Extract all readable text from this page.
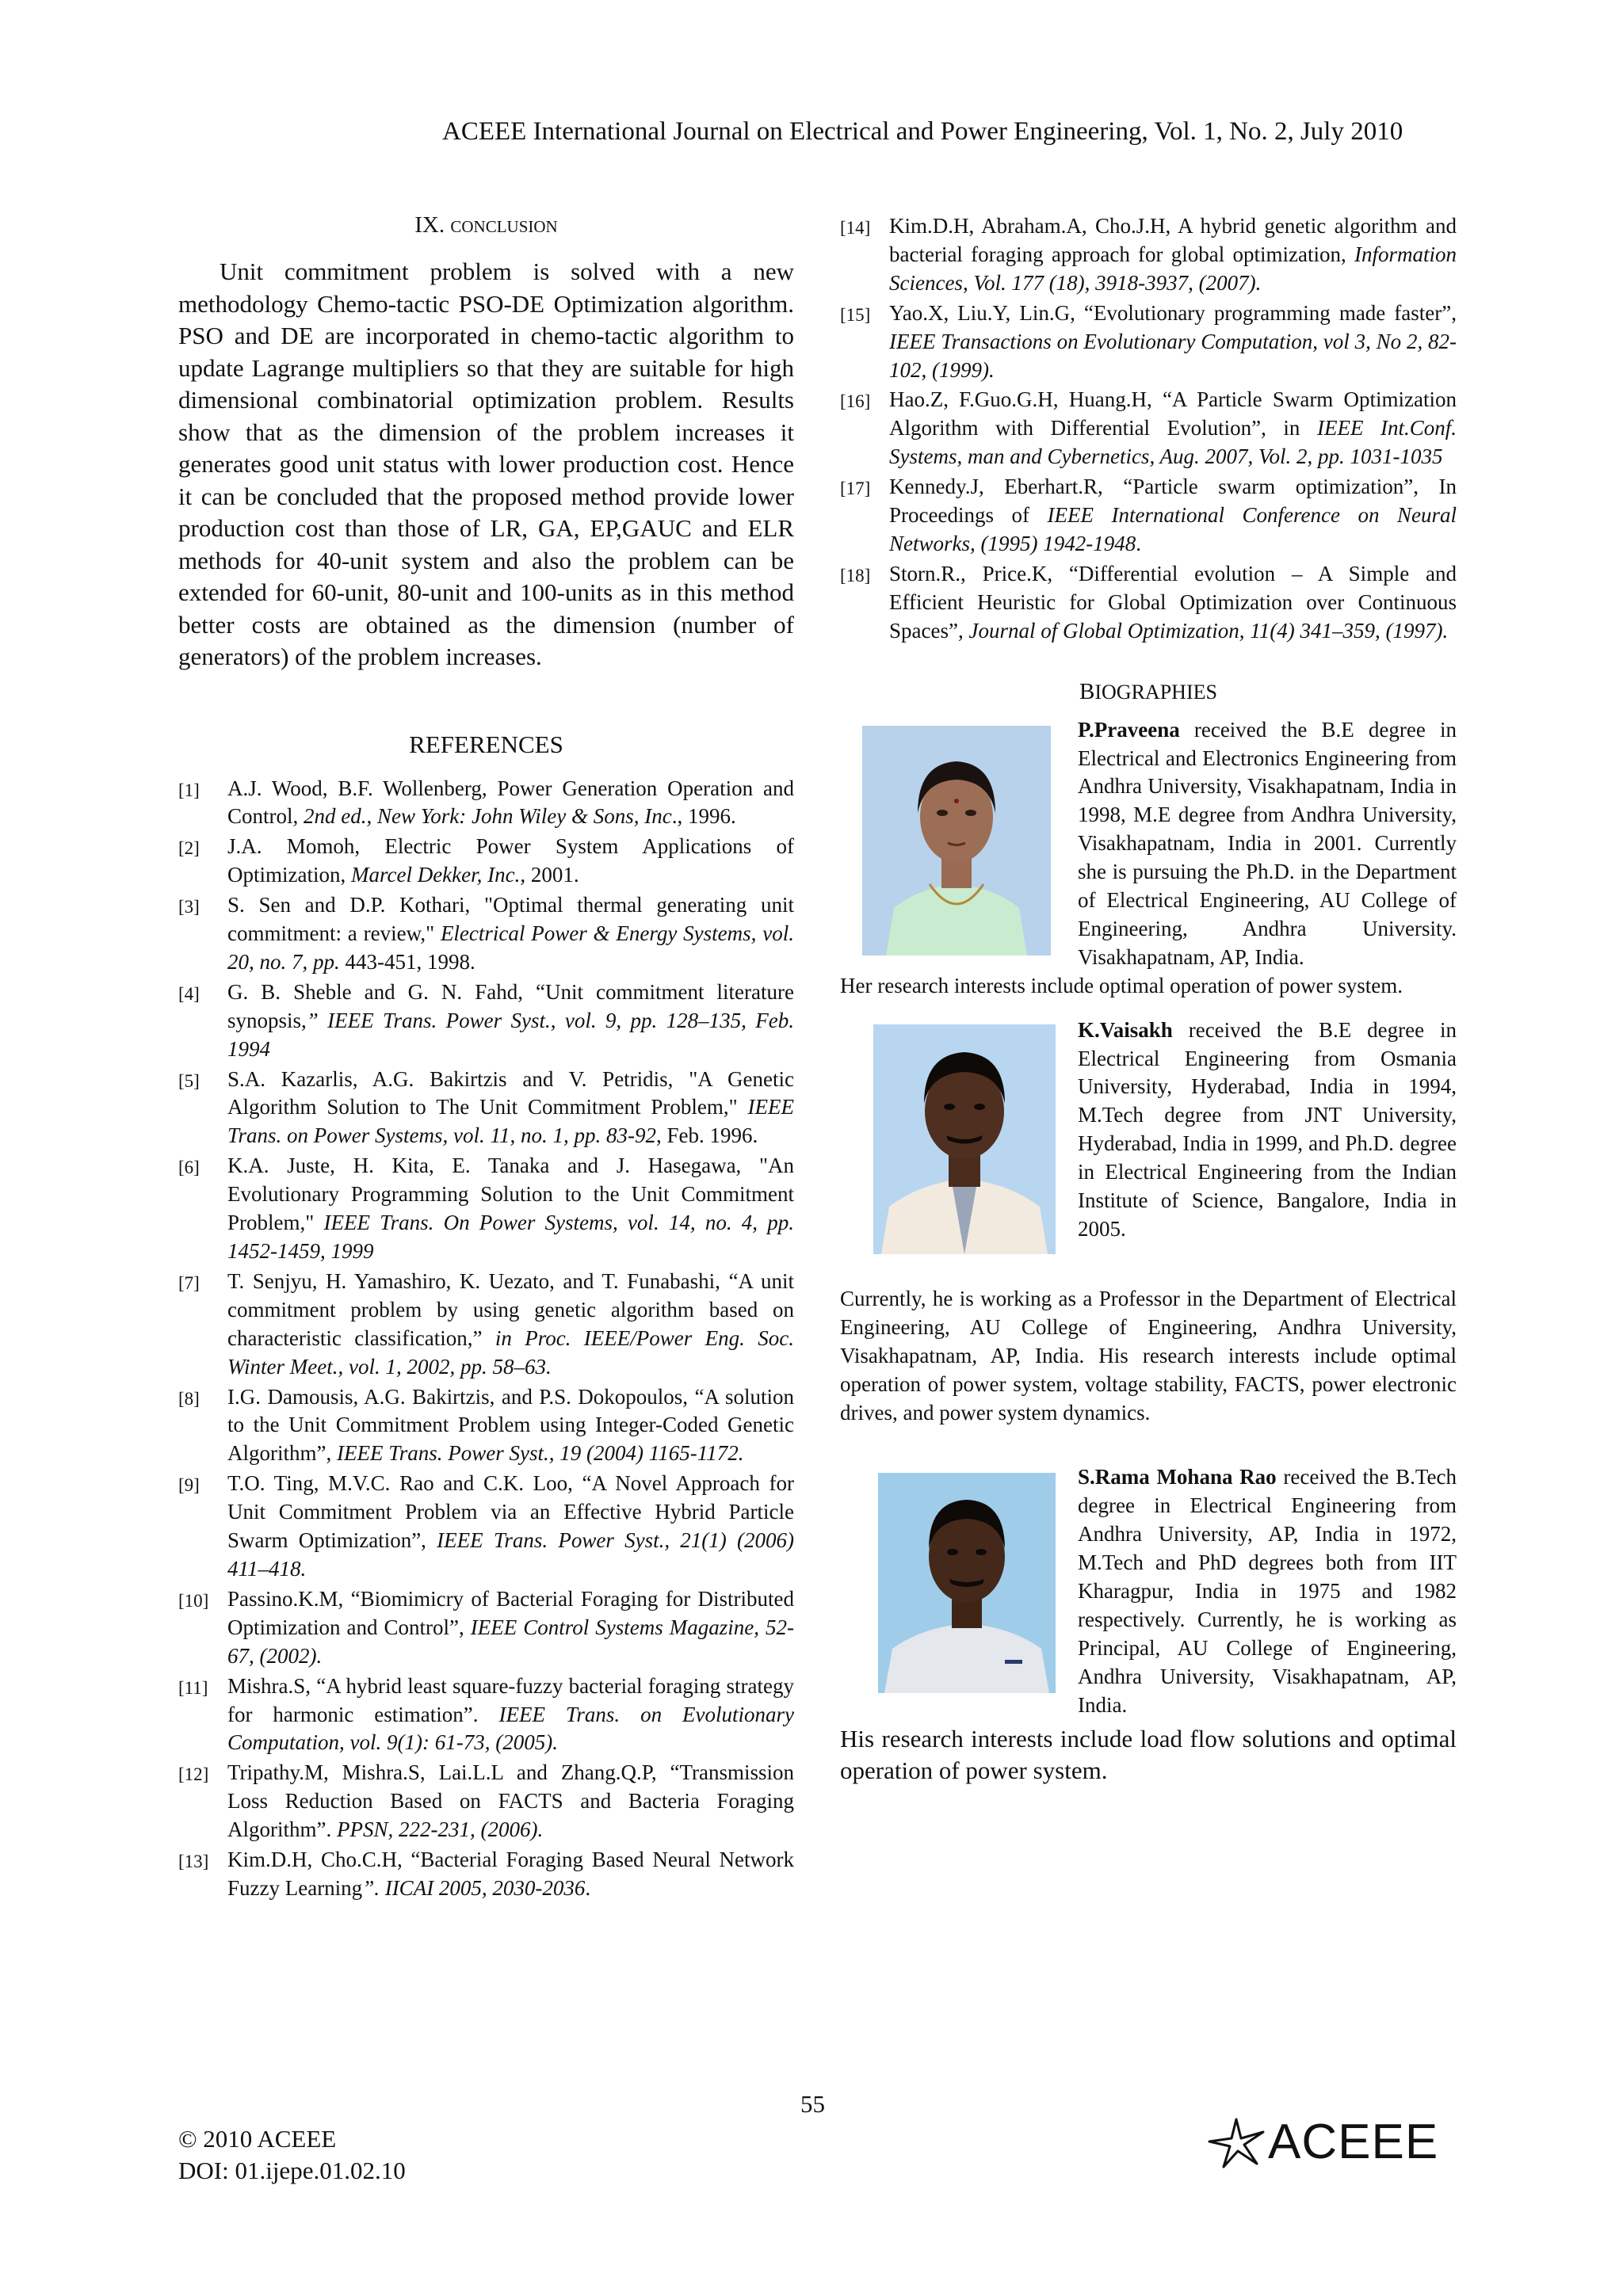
ACEEE International Journal on Electrical and Power Engineering, Vol. 1, No. 2, July 2010
IX. CONCLUSION

Unit commitment problem is solved with a new methodology Chemo-tactic PSO-DE Optimization algorithm. PSO and DE are incorporated in chemo-tactic algorithm to update Lagrange multipliers so that they are suitable for high dimensional combinatorial optimization problem. Results show that as the dimension of the problem increases it generates good unit status with lower production cost. Hence it can be concluded that the proposed method provide lower production cost than those of LR, GA, EP,GAUC and ELR methods for 40-unit system and also the problem can be extended for 60-unit, 80-unit and 100-units as in this method better costs are obtained as the dimension (number of generators) of the problem increases.

REFERENCES
[1]	A.J. Wood, B.F. Wollenberg, Power Generation Operation and Control, 2nd ed., New York: John Wiley & Sons, Inc., 1996.
[2]	J.A. Momoh, Electric Power System Applications of Optimization, Marcel Dekker, Inc., 2001.
[3]	S. Sen and D.P. Kothari, "Optimal thermal generating unit commitment: a review," Electrical Power & Energy Systems, vol. 20, no. 7, pp. 443-451, 1998.
[4]	G. B. Sheble and G. N. Fahd, “Unit commitment literature synopsis,” IEEE Trans. Power Syst., vol. 9, pp. 128–135, Feb. 1994
[5]	S.A. Kazarlis, A.G. Bakirtzis and V. Petridis, "A Genetic Algorithm Solution to The Unit Commitment Problem," IEEE Trans. on Power Systems, vol. 11, no. 1, pp. 83-92, Feb. 1996.
[6]	K.A. Juste, H. Kita, E. Tanaka and J. Hasegawa, "An Evolutionary Programming Solution to the Unit Commitment Problem," IEEE Trans. On Power Systems, vol. 14, no. 4, pp. 1452-1459, 1999
[7]	T. Senjyu, H. Yamashiro, K. Uezato, and T. Funabashi, “A unit commitment problem by using genetic algorithm based on characteristic classification,” in Proc. IEEE/Power Eng. Soc. Winter Meet., vol. 1, 2002, pp. 58–63.
[8]	I.G. Damousis, A.G. Bakirtzis, and P.S. Dokopoulos, “A solution to the Unit Commitment Problem using Integer-Coded Genetic Algorithm”, IEEE Trans. Power Syst., 19 (2004) 1165-1172.
[9]	T.O. Ting, M.V.C. Rao and C.K. Loo, “A Novel Approach for Unit Commitment Problem via an Effective Hybrid Particle Swarm Optimization”, IEEE Trans. Power Syst., 21(1) (2006) 411–418.
[10] Passino.K.M, “Biomimicry of Bacterial Foraging for Distributed Optimization and Control”, IEEE Control Systems Magazine, 52-67, (2002).
[11] Mishra.S, “A hybrid least square-fuzzy bacterial foraging strategy for harmonic estimation”. IEEE Trans. on Evolutionary Computation, vol. 9(1): 61-73, (2005).
[12] Tripathy.M, Mishra.S, Lai.L.L and Zhang.Q.P, “Transmission Loss Reduction Based on FACTS and Bacteria Foraging Algorithm”. PPSN, 222-231, (2006).
[13] Kim.D.H, Cho.C.H, “Bacterial Foraging Based Neural Network Fuzzy Learning”. IICAI 2005, 2030-2036.
[14] Kim.D.H, Abraham.A, Cho.J.H, A hybrid genetic algorithm and bacterial foraging approach for global optimization, Information Sciences, Vol. 177 (18), 3918-3937, (2007).
[15] Yao.X, Liu.Y, Lin.G, “Evolutionary programming made faster”, IEEE Transactions on Evolutionary Computation, vol 3, No 2, 82-102, (1999).
[16] Hao.Z, F.Guo.G.H, Huang.H, “A Particle Swarm Optimization Algorithm with Differential Evolution”, in IEEE Int.Conf. Systems, man and Cybernetics, Aug. 2007, Vol. 2, pp. 1031-1035
[17] Kennedy.J, Eberhart.R, “Particle swarm optimization”, In Proceedings of IEEE International Conference on Neural Networks, (1995) 1942-1948.
[18] Storn.R., Price.K, “Differential evolution – A Simple and Efficient Heuristic for Global Optimization over Continuous Spaces”, Journal of Global Optimization, 11(4) 341–359, (1997).
BIOGRAPHIES
P.Praveena received the B.E degree in Electrical and Electronics Engineering from Andhra University, Visakhapatnam, India in 1998, M.E degree from Andhra University, Visakhapatnam, India in 2001. Currently she is pursuing the Ph.D. in the Department of Electrical Engineering, AU College of Engineering, Andhra University. Visakhapatnam, AP, India.
Her research interests include optimal operation of power system.
K.Vaisakh received the B.E degree in Electrical Engineering from Osmania University, Hyderabad, India in 1994, M.Tech degree from JNT University, Hyderabad, India in 1999, and Ph.D. degree in Electrical Engineering from the Indian Institute of Science, Bangalore, India in 2005.
Currently, he is working as a Professor in the Department of Electrical Engineering, AU College of Engineering, Andhra University, Visakhapatnam, AP, India. His research interests include optimal operation of power system, voltage stability, FACTS, power electronic drives, and power system dynamics.
S.Rama Mohana Rao received the B.Tech degree in Electrical Engineering from Andhra University, AP, India in 1972, M.Tech and PhD degrees both from IIT Kharagpur, India in 1975 and 1982 respectively. Currently, he is working as Principal, AU College of Engineering, Andhra University, Visakhapatnam, AP, India.
His research interests include load flow solutions and optimal operation of power system.
55
© 2010 ACEEE
DOI: 01.ijepe.01.02.10
ACEEE
